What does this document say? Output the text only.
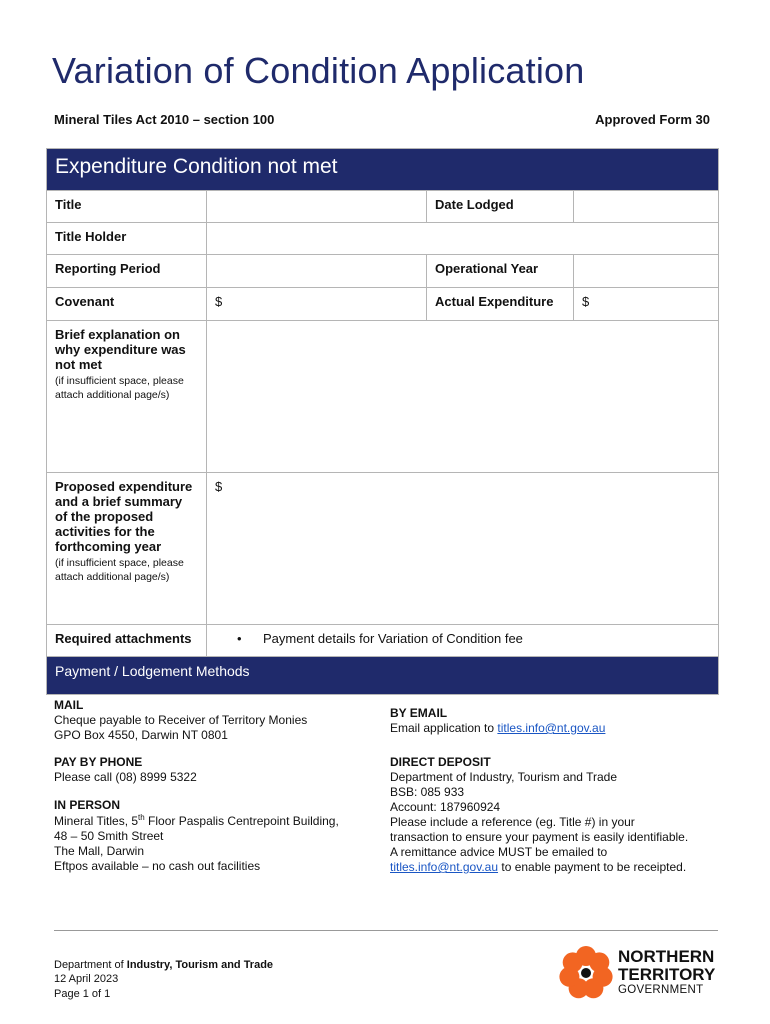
Variation of Condition Application
Mineral Tiles Act 2010 – section 100	Approved Form 30
Expenditure Condition not met			
Title		Date Lodged	
Title Holder			
Reporting Period		Operational Year	
Covenant	$	Actual Expenditure	$
Brief explanation on why expenditure was not met
(if insufficient space, please attach additional page/s)			

Proposed expenditure and a brief summary of the proposed activities for the forthcoming year
(if insufficient space, please attach additional page/s)	$		
Required attachments	• Payment details for Variation of Condition fee
Payment / Lodgement Methods			
MAIL
Cheque payable to Receiver of Territory Monies
GPO Box 4550, Darwin NT 0801
BY EMAIL
Email application to titles.info@nt.gov.au
PAY BY PHONE
Please call (08) 8999 5322
IN PERSON
Mineral Titles, 5th Floor Paspalis Centrepoint Building,
48 – 50 Smith Street
The Mall, Darwin
Eftpos available – no cash out facilities
DIRECT DEPOSIT
Department of Industry, Tourism and Trade
BSB: 085 933
Account: 187960924
Please include a reference (eg. Title #) in your
transaction to ensure your payment is easily identifiable.
A remittance advice MUST be emailed to
titles.info@nt.gov.au to enable payment to be receipted.
Department of Industry, Tourism and Trade
12 April 2023
Page 1 of 1
NORTHERN
TERRITORY
GOVERNMENT
